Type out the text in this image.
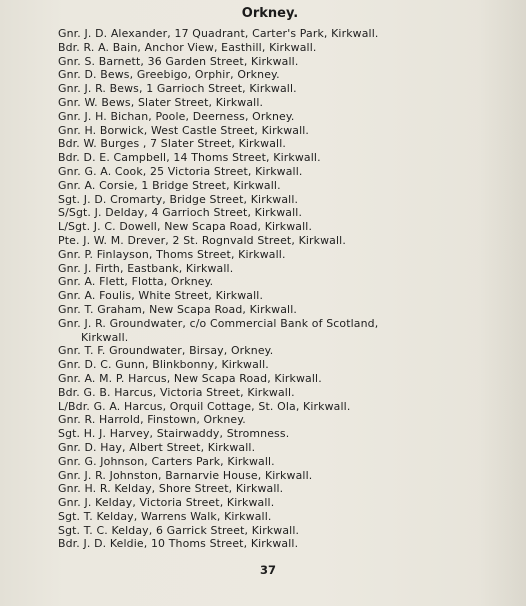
Orkney.
Gnr. J. D. Alexander, 17 Quadrant, Carter's Park, Kirkwall.
Bdr. R. A. Bain, Anchor View, Easthill, Kirkwall.
Gnr. S. Barnett, 36 Garden Street, Kirkwall.
Gnr. D. Bews, Greebigo, Orphir, Orkney.
Gnr. J. R. Bews, 1 Garrioch Street, Kirkwall.
Gnr. W. Bews, Slater Street, Kirkwall.
Gnr. J. H. Bichan, Poole, Deerness, Orkney.
Gnr. H. Borwick, West Castle Street, Kirkwall.
Bdr. W. Burges , 7 Slater Street, Kirkwall.
Bdr. D. E. Campbell, 14 Thoms Street, Kirkwall.
Gnr. G. A. Cook, 25 Victoria Street, Kirkwall.
Gnr. A. Corsie, 1 Bridge Street, Kirkwall.
Sgt. J. D. Cromarty, Bridge Street, Kirkwall.
S/Sgt. J. Delday, 4 Garrioch Street, Kirkwall.
L/Sgt. J. C. Dowell, New Scapa Road, Kirkwall.
Pte. J. W. M. Drever, 2 St. Rognvald Street, Kirkwall.
Gnr. P. Finlayson, Thoms Street, Kirkwall.
Gnr. J. Firth, Eastbank, Kirkwall.
Gnr. A. Flett, Flotta, Orkney.
Gnr. A. Foulis, White Street, Kirkwall.
Gnr. T. Graham, New Scapa Road, Kirkwall.
Gnr. J. R. Groundwater, c/o Commercial Bank of Scotland,
Kirkwall.
Gnr. T. F. Groundwater, Birsay, Orkney.
Gnr. D. C. Gunn, Blinkbonny, Kirkwall.
Gnr. A. M. P. Harcus, New Scapa Road, Kirkwall.
Bdr. G. B. Harcus, Victoria Street, Kirkwall.
L/Bdr. G. A. Harcus, Orquil Cottage, St. Ola, Kirkwall.
Gnr. R. Harrold, Finstown, Orkney.
Sgt. H. J. Harvey, Stairwaddy, Stromness.
Gnr. D. Hay, Albert Street, Kirkwall.
Gnr. G. Johnson, Carters Park, Kirkwall.
Gnr. J. R. Johnston, Barnarvie House, Kirkwall.
Gnr. H. R. Kelday, Shore Street, Kirkwall.
Gnr. J. Kelday, Victoria Street, Kirkwall.
Sgt. T. Kelday, Warrens Walk, Kirkwall.
Sgt. T. C. Kelday, 6 Garrick Street, Kirkwall.
Bdr. J. D. Keldie, 10 Thoms Street, Kirkwall.
37
